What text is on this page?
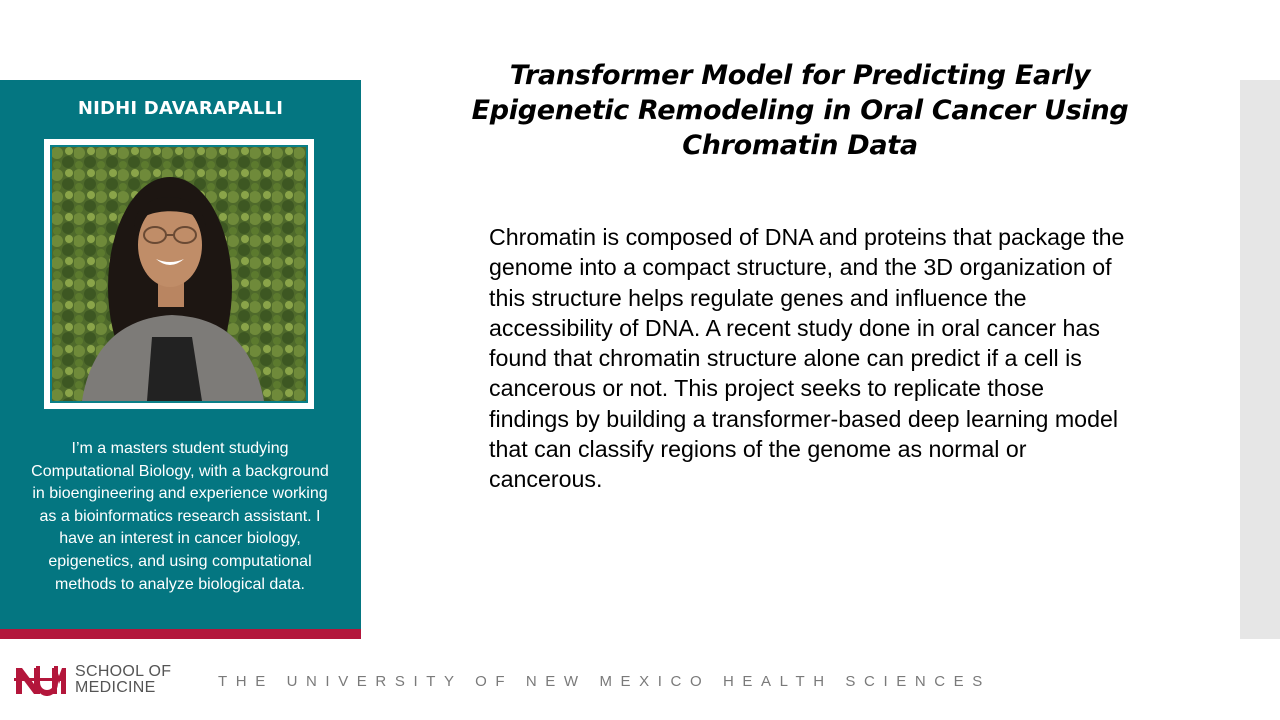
NIDHI DAVARAPALLI
I’m a masters student studying Computational Biology, with a background in bioengineering and experience working as a bioinformatics research assistant. I have an interest in cancer biology, epigenetics, and using computational methods to analyze biological data.
Transformer Model for Predicting Early Epigenetic Remodeling in Oral Cancer Using Chromatin Data
Chromatin is composed of DNA and proteins that package the genome into a compact structure, and the 3D organization of this structure helps regulate genes and influence the accessibility of DNA. A recent study done in oral cancer has found that chromatin structure alone can predict if a cell is cancerous or not. This project seeks to replicate those findings by building a transformer-based deep learning model that can classify regions of the genome as normal or cancerous.
SCHOOL OF
MEDICINE	THE UNIVERSITY OF NEW MEXICO HEALTH SCIENCES
